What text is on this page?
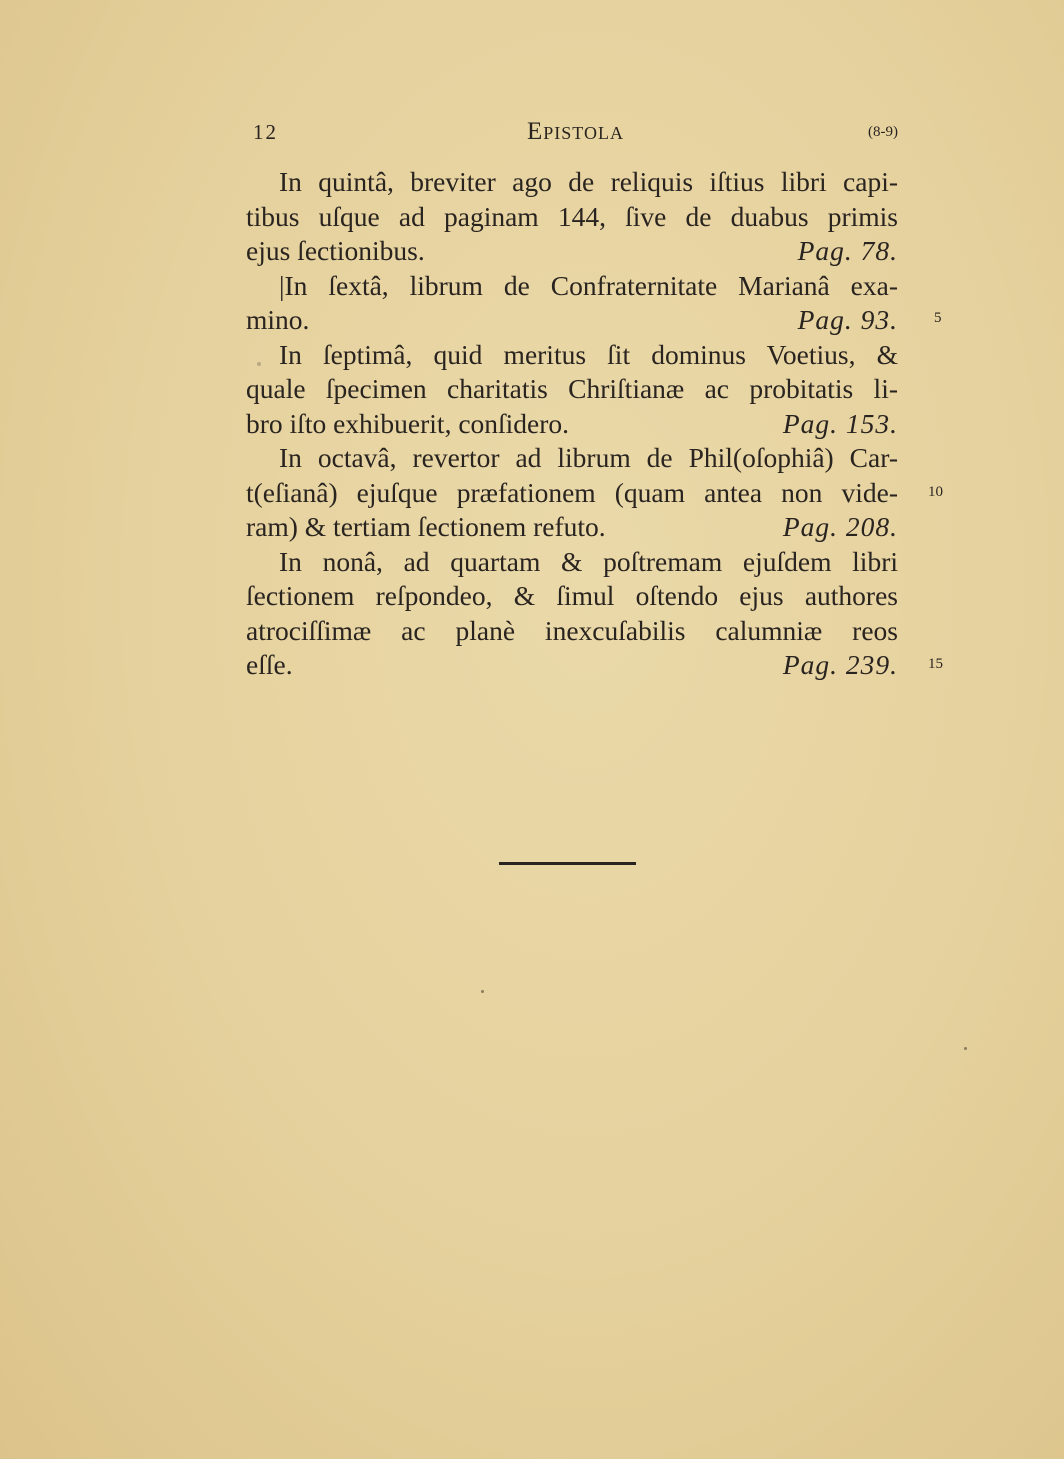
12	Epistola	(8-9)
In quintâ, breviter ago de reliquis iſtius libri capi-
tibus uſque ad paginam 144, ſive de duabus primis
ejus ſectionibus.	Pag. 78.
|In ſextâ, librum de Confraternitate Marianâ exa-
mino.	Pag. 93.
In ſeptimâ, quid meritus ſit dominus Voetius, &
quale ſpecimen charitatis Chriſtianæ ac probitatis li-
bro iſto exhibuerit, conſidero.	Pag. 153.
In octavâ, revertor ad librum de Phil(oſophiâ) Car-
t(eſianâ) ejuſque præfationem (quam antea non vide-
ram) & tertiam ſectionem refuto.	Pag. 208.
In nonâ, ad quartam & poſtremam ejuſdem libri
ſectionem reſpondeo, & ſimul oſtendo ejus authores
atrociſſimæ ac planè inexcuſabilis calumniæ reos
eſſe.	Pag. 239.
5
10
15
